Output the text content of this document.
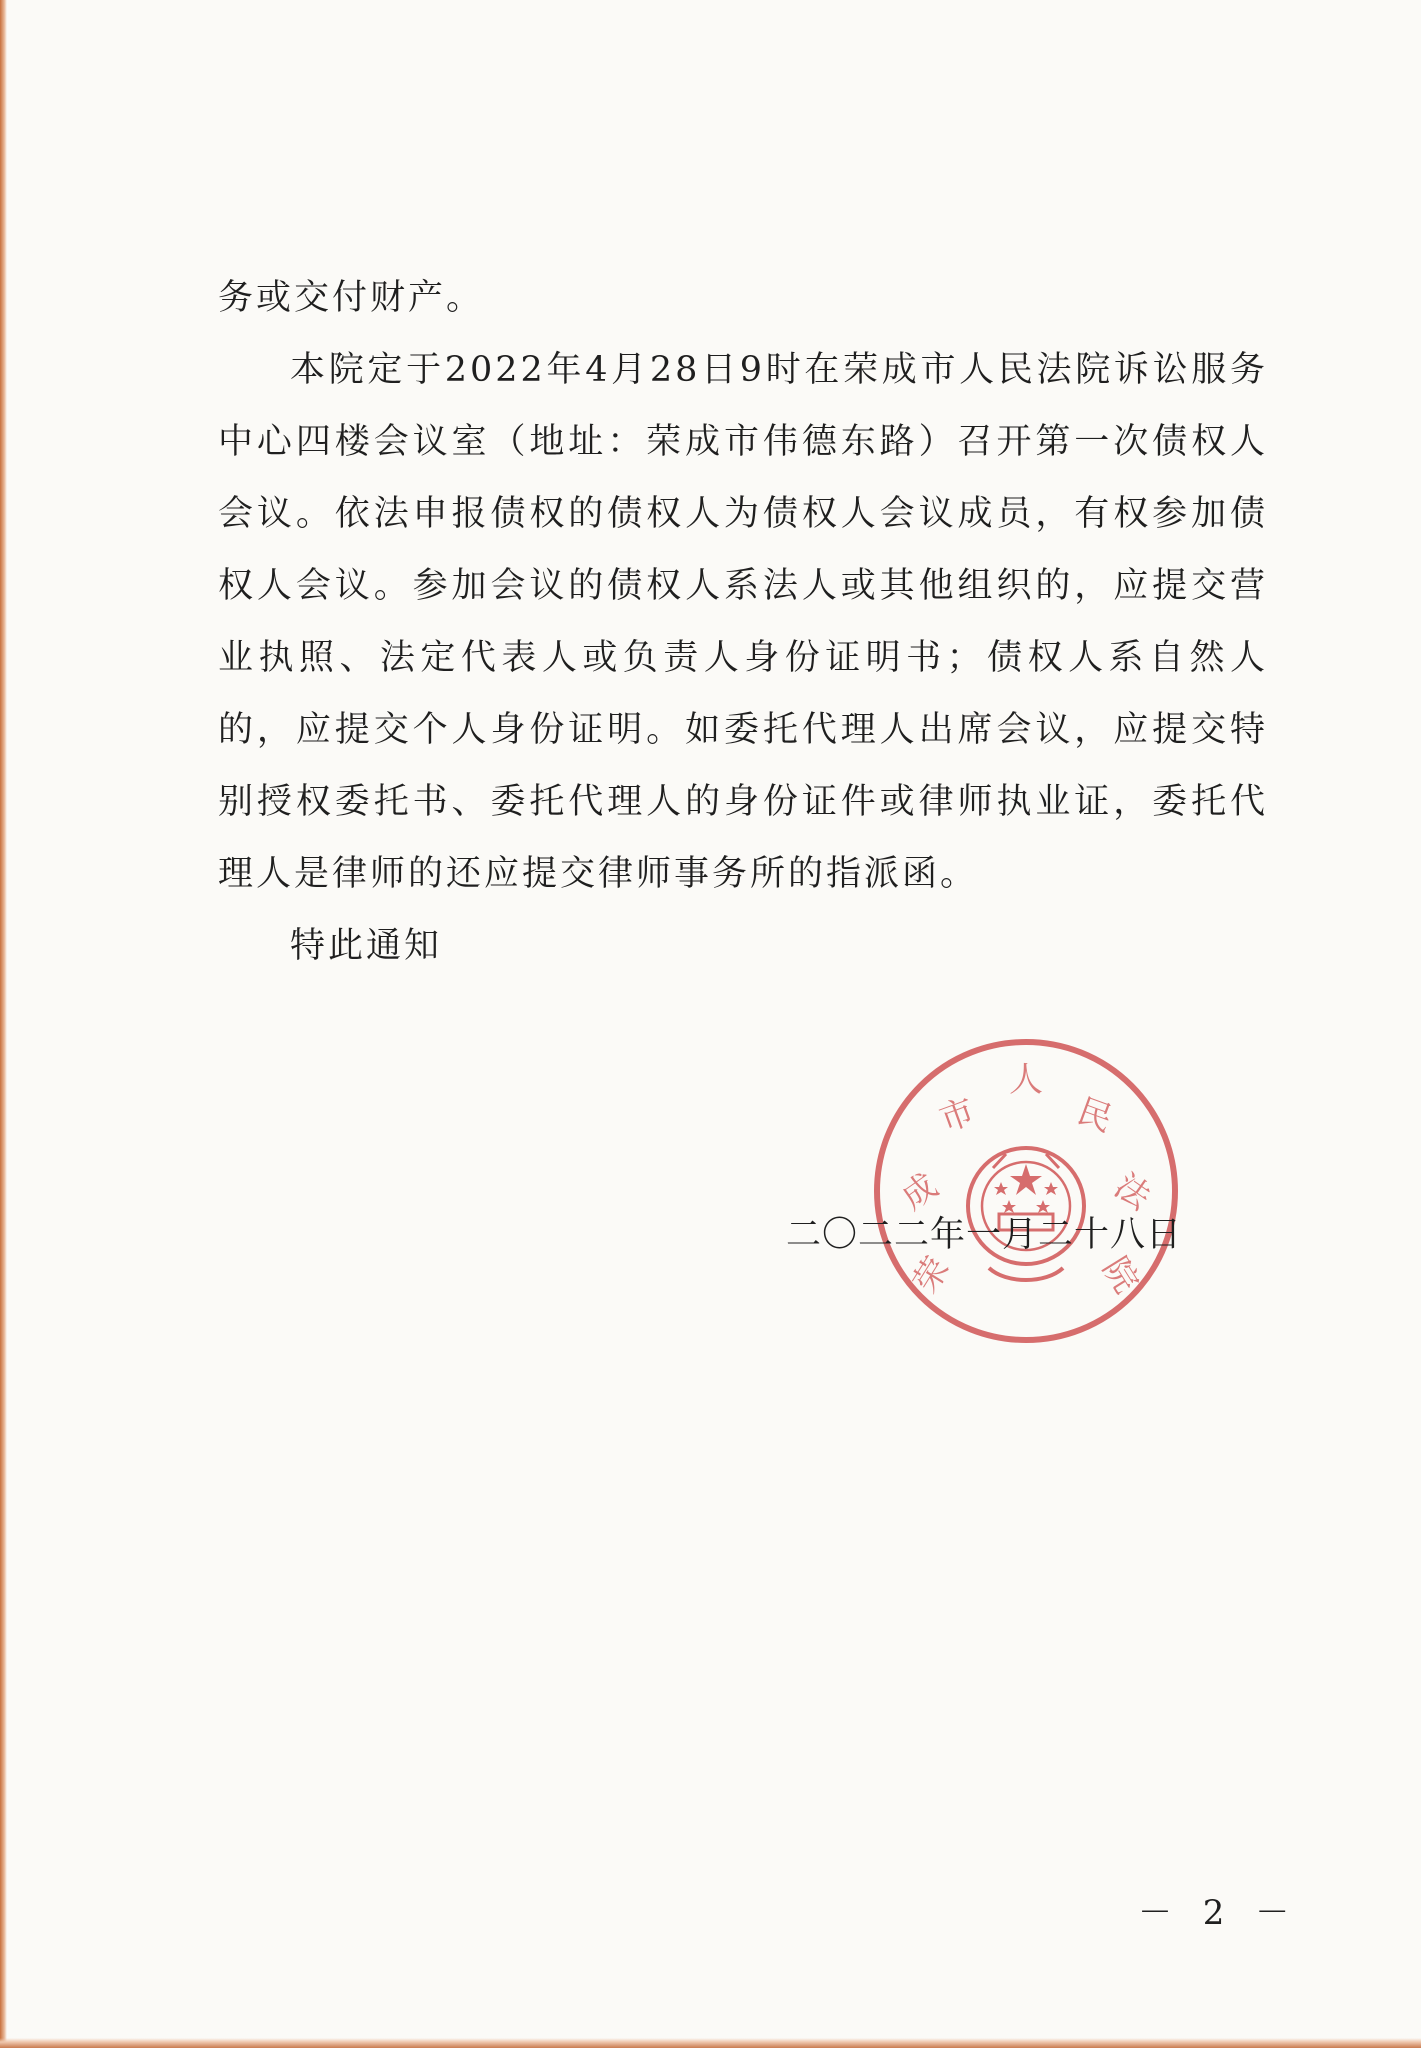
务或交付财产。

本院定于2022年4月28日9时在荣成市人民法院诉讼服务中心四楼会议室（地址：荣成市伟德东路）召开第一次债权人会议。依法申报债权的债权人为债权人会议成员，有权参加债权人会议。参加会议的债权人系法人或其他组织的，应提交营业执照、法定代表人或负责人身份证明书；债权人系自然人的，应提交个人身份证明。如委托代理人出席会议，应提交特别授权委托书、委托代理人的身份证件或律师执业证，委托代理人是律师的还应提交律师事务所的指派函。

特此通知

荣
成
市
人
民
法
院
二〇二二年一月二十八日
－ 2 －
